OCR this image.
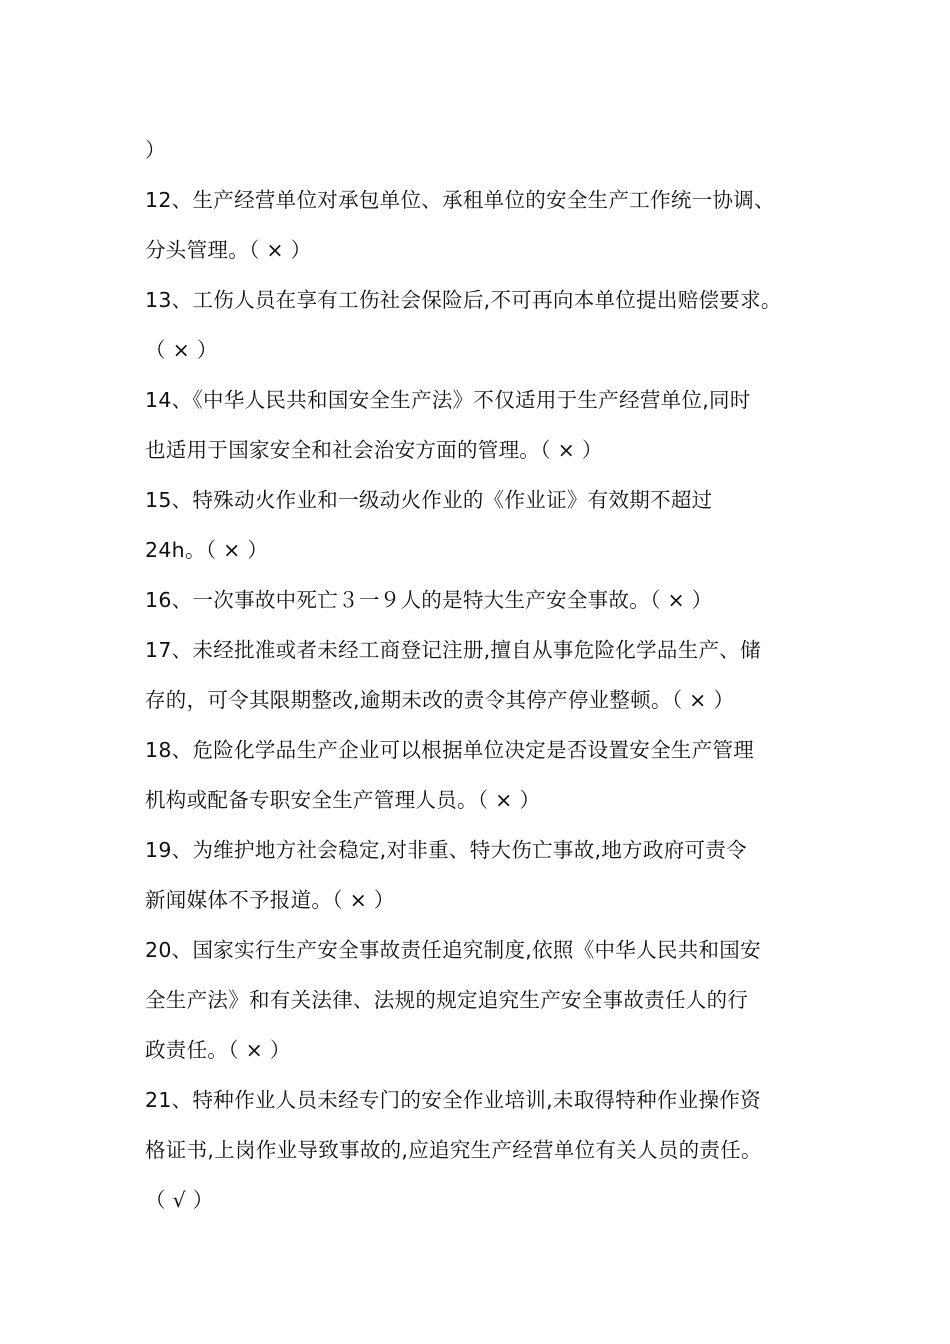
）
12、生产经营单位对承包单位、承租单位的安全生产工作统一协调、
分头管理。（ × ）
13、工伤人员在享有工伤社会保险后,不可再向本单位提出赔偿要求。
（ × ）
14、《中华人民共和国安全生产法》不仅适用于生产经营单位,同时
也适用于国家安全和社会治安方面的管理。（ × ）
15、特殊动火作业和一级动火作业的《作业证》有效期不超过
24h。（ × ）
16、一次事故中死亡３一９人的是特大生产安全事故。（ × ）
17、未经批准或者未经工商登记注册,擅自从事危险化学品生产、储
存的，可令其限期整改,逾期未改的责令其停产停业整顿。（ × ）
18、危险化学品生产企业可以根据单位决定是否设置安全生产管理
机构或配备专职安全生产管理人员。（ × ）
19、为维护地方社会稳定,对非重、特大伤亡事故,地方政府可责令
新闻媒体不予报道。（ × ）
20、国家实行生产安全事故责任追究制度,依照《中华人民共和国安
全生产法》和有关法律、法规的规定追究生产安全事故责任人的行
政责任。（ × ）
21、特种作业人员未经专门的安全作业培训,未取得特种作业操作资
格证书,上岗作业导致事故的,应追究生产经营单位有关人员的责任。
（ √ ）
